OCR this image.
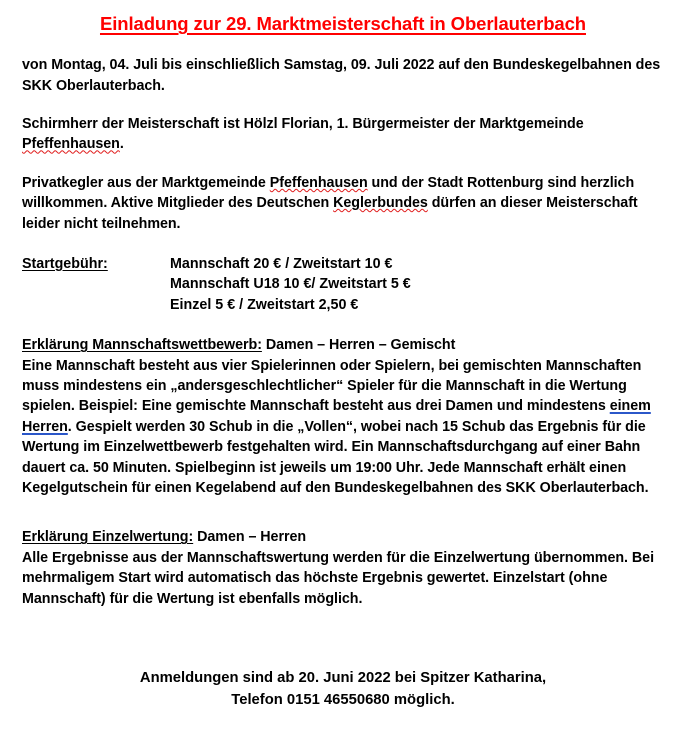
Einladung zur 29. Marktmeisterschaft in Oberlauterbach

von Montag, 04. Juli bis einschließlich Samstag, 09. Juli 2022 auf den Bundeskegelbahnen des SKK Oberlauterbach.

Schirmherr der Meisterschaft ist Hölzl Florian, 1. Bürgermeister der Marktgemeinde Pfeffenhausen.

Privatkegler aus der Marktgemeinde Pfeffenhausen und der Stadt Rottenburg sind herzlich willkommen. Aktive Mitglieder des Deutschen Keglerbundes dürfen an dieser Meisterschaft leider nicht teilnehmen.

Startgebühr:	Mannschaft 20 € / Zweitstart 10 €
Mannschaft U18 10 €/ Zweitstart 5 €
Einzel 5 € / Zweitstart 2,50 €

Erklärung Mannschaftswettbewerb: Damen – Herren – Gemischt

Eine Mannschaft besteht aus vier Spielerinnen oder Spielern, bei gemischten Mannschaften muss mindestens ein „andersgeschlechtlicher“ Spieler für die Mannschaft in die Wertung spielen. Beispiel: Eine gemischte Mannschaft besteht aus drei Damen und mindestens einem Herren. Gespielt werden 30 Schub in die „Vollen“, wobei nach 15 Schub das Ergebnis für die Wertung im Einzelwettbewerb festgehalten wird. Ein Mannschaftsdurchgang auf einer Bahn dauert ca. 50 Minuten. Spielbeginn ist jeweils um 19:00 Uhr. Jede Mannschaft erhält einen Kegelgutschein für einen Kegelabend auf den Bundeskegelbahnen des SKK Oberlauterbach.

Erklärung Einzelwertung: Damen – Herren

Alle Ergebnisse aus der Mannschaftswertung werden für die Einzelwertung übernommen. Bei mehrmaligem Start wird automatisch das höchste Ergebnis gewertet. Einzelstart (ohne Mannschaft) für die Wertung ist ebenfalls möglich.

Anmeldungen sind ab 20. Juni 2022 bei Spitzer Katharina,

Telefon 0151 46550680 möglich.
